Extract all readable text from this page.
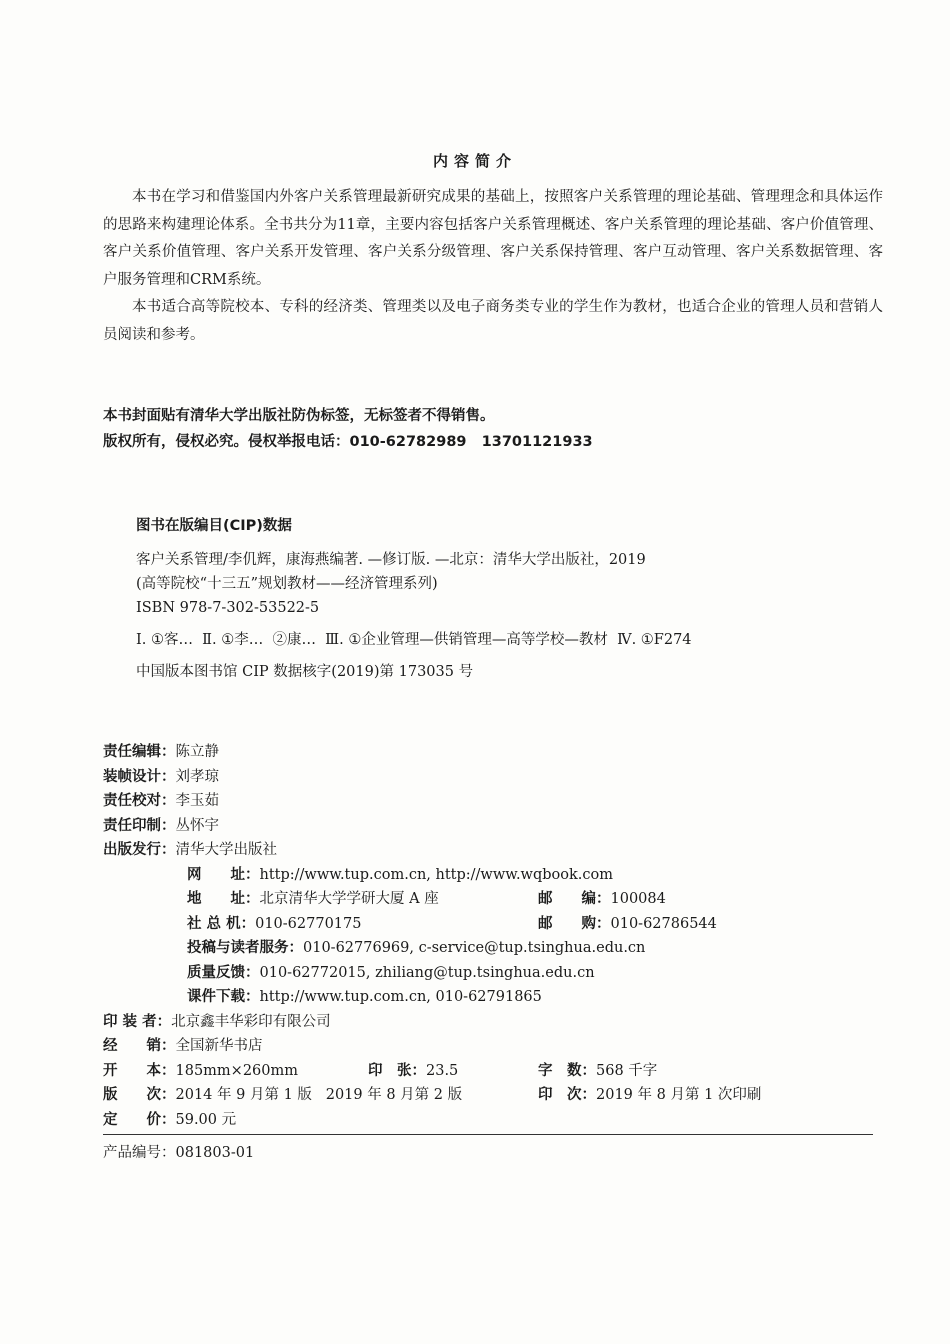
内容简介

本书在学习和借鉴国内外客户关系管理最新研究成果的基础上，按照客户关系管理的理论基础、管理理念和具体运作的思路来构建理论体系。全书共分为11章，主要内容包括客户关系管理概述、客户关系管理的理论基础、客户价值管理、客户关系价值管理、客户关系开发管理、客户关系分级管理、客户关系保持管理、客户互动管理、客户关系数据管理、客户服务管理和CRM系统。

本书适合高等院校本、专科的经济类、管理类以及电子商务类专业的学生作为教材，也适合企业的管理人员和营销人员阅读和参考。

本书封面贴有清华大学出版社防伪标签，无标签者不得销售。
版权所有，侵权必究。侵权举报电话：010-62782989   13701121933
图书在版编目(CIP)数据
客户关系管理/李仉辉，康海燕编著. —修订版. —北京：清华大学出版社，2019
(高等院校“十三五”规划教材——经济管理系列)
ISBN 978-7-302-53522-5
Ⅰ. ①客…  Ⅱ. ①李…  ②康…  Ⅲ. ①企业管理—供销管理—高等学校—教材  Ⅳ. ①F274
中国版本图书馆 CIP 数据核字(2019)第 173035 号
责任编辑： 陈立静
装帧设计： 刘孝琼
责任校对： 李玉茹
责任印制： 丛怀宇
出版发行： 清华大学出版社
网　　址： http://www.tup.com.cn, http://www.wqbook.com
地　　址： 北京清华大学学研大厦 A 座	邮　　编：100084
社 总 机： 010-62770175	邮　　购：010-62786544
投稿与读者服务： 010-62776969, c-service@tup.tsinghua.edu.cn
质量反馈： 010-62772015, zhiliang@tup.tsinghua.edu.cn
课件下载： http://www.tup.com.cn, 010-62791865
印 装 者： 北京鑫丰华彩印有限公司
经　　销： 全国新华书店
开　　本： 185mm×260mm	印　张：23.5	字　数：568 千字
版　　次： 2014 年 9 月第 1 版   2019 年 8 月第 2 版	印　次：2019 年 8 月第 1 次印刷
定　　价： 59.00 元
产品编号：081803-01
